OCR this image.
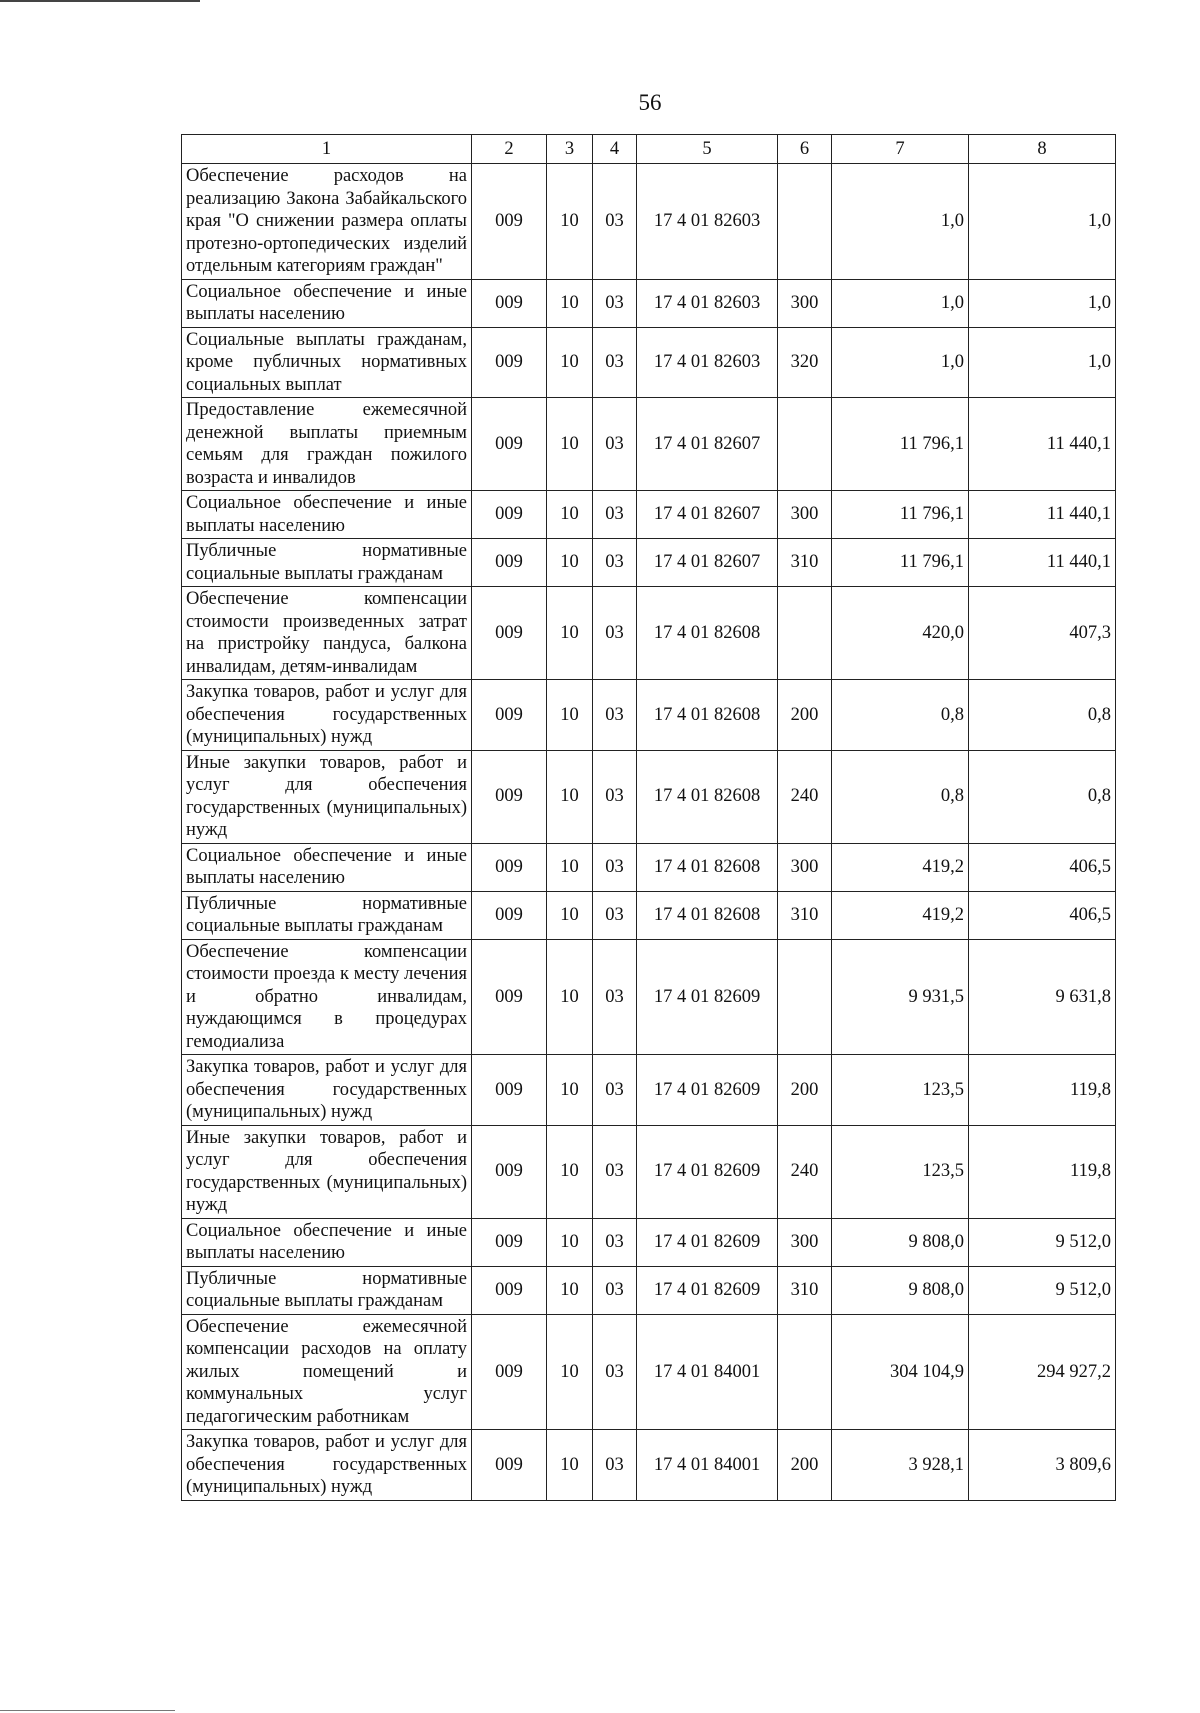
56
1	2	3	4	5	6	7	8
Обеспечение расходов на реализацию Закона Забайкальского края "О снижении размера оплаты протезно-ортопедических изделий отдельным категориям граждан"	009	10	03	17 4 01 82603		1,0	1,0
Социальное обеспечение и иные выплаты населению	009	10	03	17 4 01 82603	300	1,0	1,0
Социальные выплаты гражданам, кроме публичных нормативных социальных выплат	009	10	03	17 4 01 82603	320	1,0	1,0
Предоставление ежемесячной денежной выплаты приемным семьям для граждан пожилого возраста и инвалидов	009	10	03	17 4 01 82607		11 796,1	11 440,1
Социальное обеспечение и иные выплаты населению	009	10	03	17 4 01 82607	300	11 796,1	11 440,1
Публичные нормативные социальные выплаты гражданам	009	10	03	17 4 01 82607	310	11 796,1	11 440,1
Обеспечение компенсации стоимости произведенных затрат на пристройку пандуса, балкона инвалидам, детям-инвалидам	009	10	03	17 4 01 82608		420,0	407,3
Закупка товаров, работ и услуг для обеспечения государственных (муниципальных) нужд	009	10	03	17 4 01 82608	200	0,8	0,8
Иные закупки товаров, работ и услуг для обеспечения государственных (муниципальных) нужд	009	10	03	17 4 01 82608	240	0,8	0,8
Социальное обеспечение и иные выплаты населению	009	10	03	17 4 01 82608	300	419,2	406,5
Публичные нормативные социальные выплаты гражданам	009	10	03	17 4 01 82608	310	419,2	406,5
Обеспечение компенсации стоимости проезда к месту лечения и обратно инвалидам, нуждающимся в процедурах гемодиализа	009	10	03	17 4 01 82609		9 931,5	9 631,8
Закупка товаров, работ и услуг для обеспечения государственных (муниципальных) нужд	009	10	03	17 4 01 82609	200	123,5	119,8
Иные закупки товаров, работ и услуг для обеспечения государственных (муниципальных) нужд	009	10	03	17 4 01 82609	240	123,5	119,8
Социальное обеспечение и иные выплаты населению	009	10	03	17 4 01 82609	300	9 808,0	9 512,0
Публичные нормативные социальные выплаты гражданам	009	10	03	17 4 01 82609	310	9 808,0	9 512,0
Обеспечение ежемесячной компенсации расходов на оплату жилых помещений и коммунальных услуг педагогическим работникам	009	10	03	17 4 01 84001		304 104,9	294 927,2
Закупка товаров, работ и услуг для обеспечения государственных (муниципальных) нужд	009	10	03	17 4 01 84001	200	3 928,1	3 809,6
